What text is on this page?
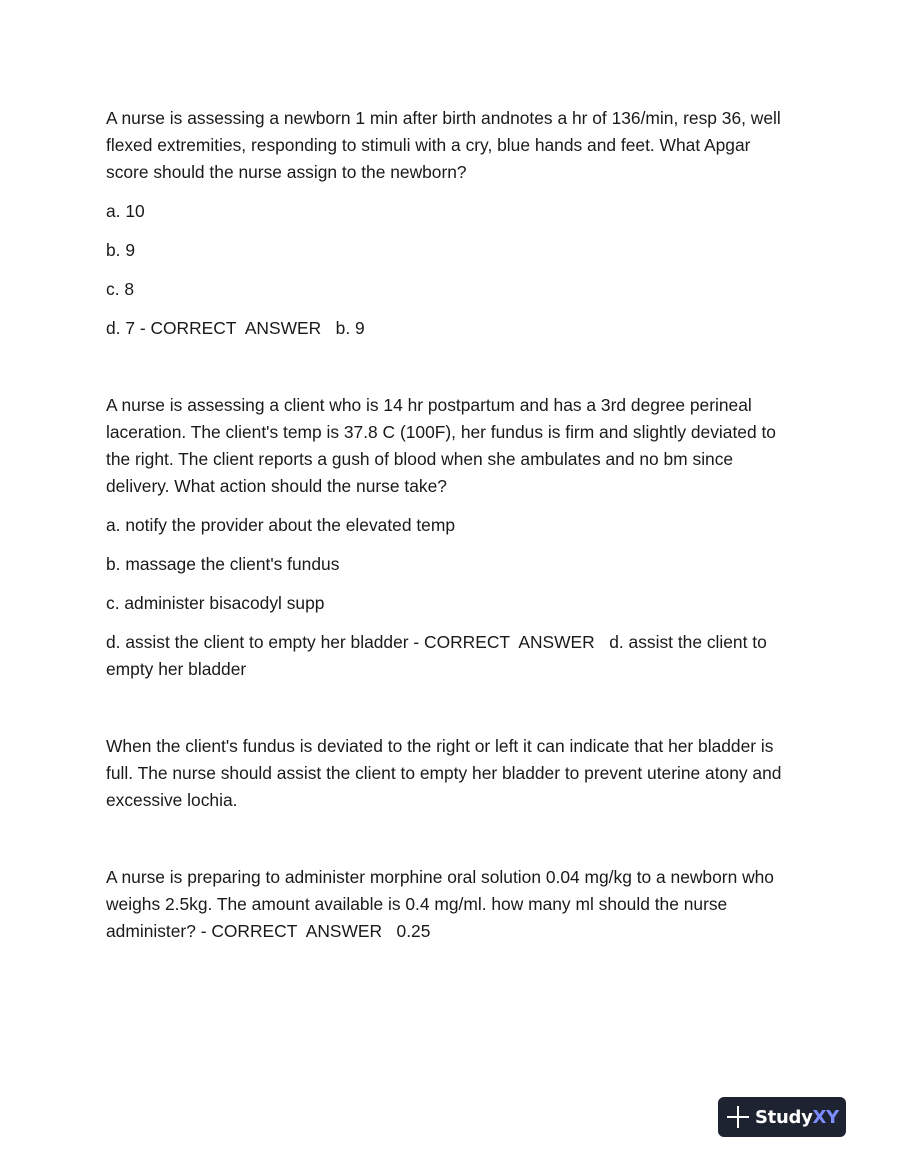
A nurse is assessing a newborn 1 min after birth andnotes a hr of 136/min, resp 36, well flexed extremities, responding to stimuli with a cry, blue hands and feet. What Apgar score should the nurse assign to the newborn?

a. 10

b. 9

c. 8

d. 7 - CORRECT  ANSWER   b. 9

A nurse is assessing a client who is 14 hr postpartum and has a 3rd degree perineal laceration. The client's temp is 37.8 C (100F), her fundus is firm and slightly deviated to the right. The client reports a gush of blood when she ambulates and no bm since delivery. What action should the nurse take?

a. notify the provider about the elevated temp

b. massage the client's fundus

c. administer bisacodyl supp

d. assist the client to empty her bladder - CORRECT  ANSWER   d. assist the client to empty her bladder

When the client's fundus is deviated to the right or left it can indicate that her bladder is full. The nurse should assist the client to empty her bladder to prevent uterine atony and excessive lochia.

A nurse is preparing to administer morphine oral solution 0.04 mg/kg to a newborn who weighs 2.5kg. The amount available is 0.4 mg/ml. how many ml should the nurse administer? - CORRECT  ANSWER   0.25

StudyXY
